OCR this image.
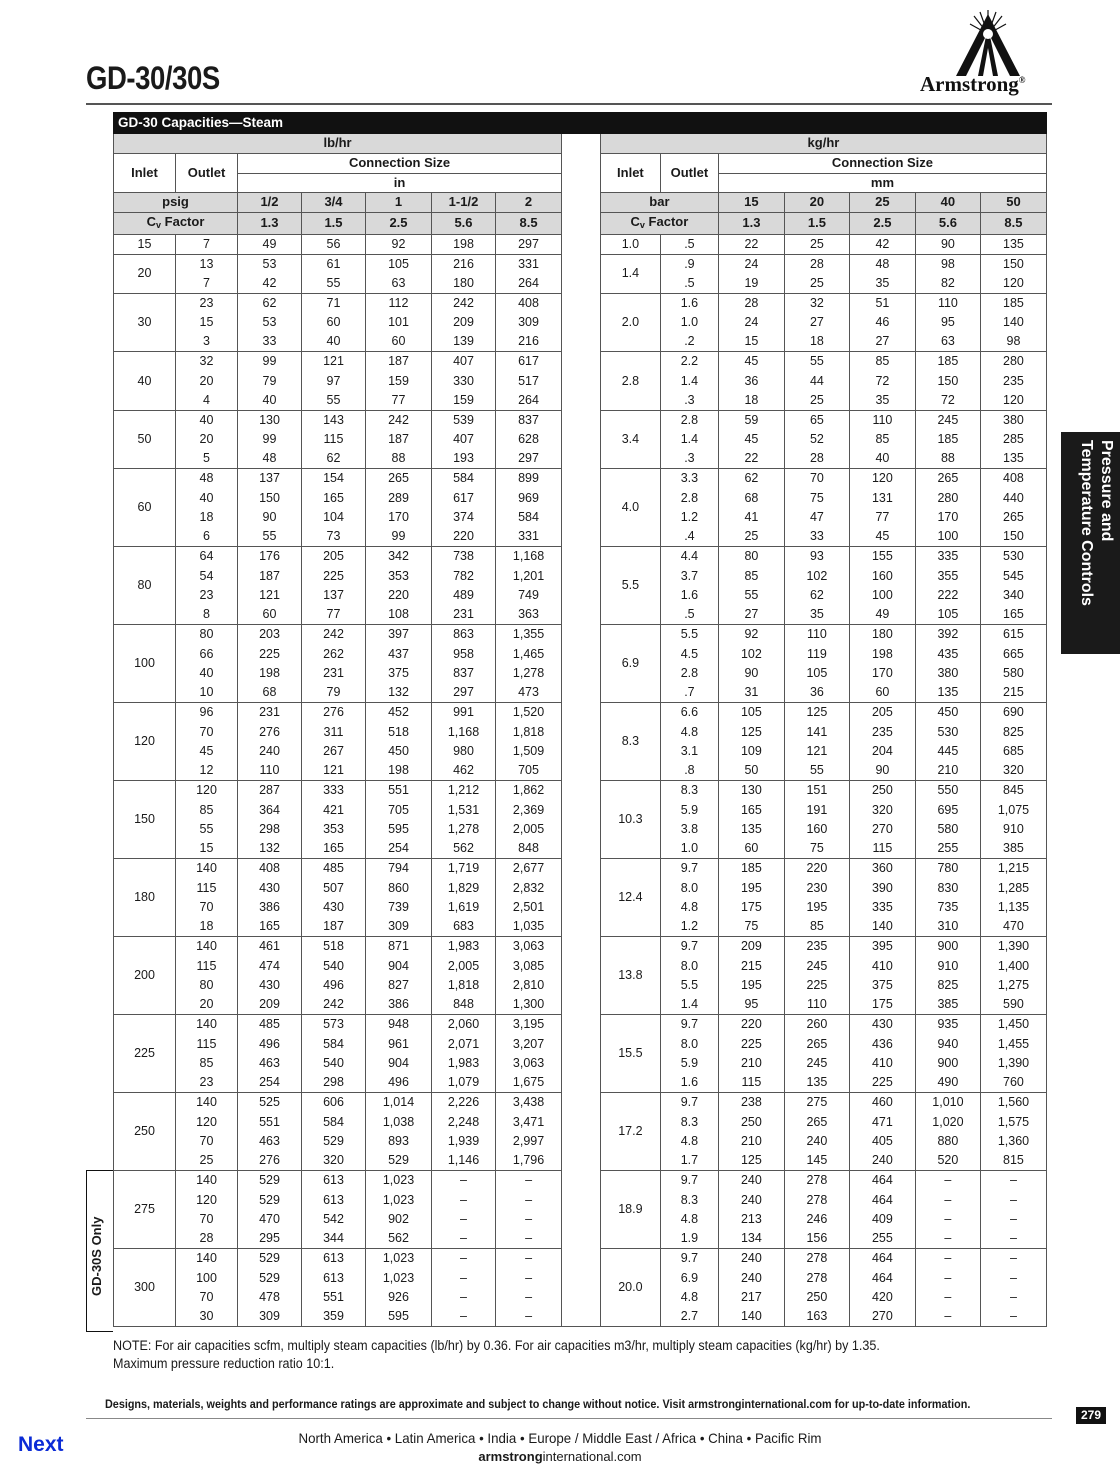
GD-30/30S	Armstrong®
Pressure and
Temperature Controls
GD-30 Capacities—Steam
lb/hr						
Inlet	Outlet	Connection Size				
		in				
psig		1/2	3/4	1	1-1/2	2
$C_v$ Factor		1.3	1.5	2.5	5.6	8.5
15	7	49	56	92	198	297
20	13	53	61	105	216	331
	7	42	55	63	180	264
30	23	62	71	112	242	408
	15	53	60	101	209	309
	3	33	40	60	139	216
40	32	99	121	187	407	617
	20	79	97	159	330	517
	4	40	55	77	159	264
50	40	130	143	242	539	837
	20	99	115	187	407	628
	5	48	62	88	193	297
60	48	137	154	265	584	899
	40	150	165	289	617	969
	18	90	104	170	374	584
	6	55	73	99	220	331
80	64	176	205	342	738	1,168
	54	187	225	353	782	1,201
	23	121	137	220	489	749
	8	60	77	108	231	363
100	80	203	242	397	863	1,355
	66	225	262	437	958	1,465
	40	198	231	375	837	1,278
	10	68	79	132	297	473
120	96	231	276	452	991	1,520
	70	276	311	518	1,168	1,818
	45	240	267	450	980	1,509
	12	110	121	198	462	705
150	120	287	333	551	1,212	1,862
	85	364	421	705	1,531	2,369
	55	298	353	595	1,278	2,005
	15	132	165	254	562	848
180	140	408	485	794	1,719	2,677
	115	430	507	860	1,829	2,832
	70	386	430	739	1,619	2,501
	18	165	187	309	683	1,035
200	140	461	518	871	1,983	3,063
	115	474	540	904	2,005	3,085
	80	430	496	827	1,818	2,810
	20	209	242	386	848	1,300
225	140	485	573	948	2,060	3,195
	115	496	584	961	2,071	3,207
	85	463	540	904	1,983	3,063
	23	254	298	496	1,079	1,675
250	140	525	606	1,014	2,226	3,438
	120	551	584	1,038	2,248	3,471
	70	463	529	893	1,939	2,997
	25	276	320	529	1,146	1,796
275	140	529	613	1,023	–	–
	120	529	613	1,023	–	–
	70	470	542	902	–	–
	28	295	344	562	–	–
300	140	529	613	1,023	–	–
	100	529	613	1,023	–	–
	70	478	551	926	–	–
	30	309	359	595	–	–
kg/hr						
Inlet	Outlet	Connection Size				
		mm				
bar		15	20	25	40	50
$C_v$ Factor		1.3	1.5	2.5	5.6	8.5
1.0	.5	22	25	42	90	135
1.4	.9	24	28	48	98	150
	.5	19	25	35	82	120
2.0	1.6	28	32	51	110	185
	1.0	24	27	46	95	140
	.2	15	18	27	63	98
2.8	2.2	45	55	85	185	280
	1.4	36	44	72	150	235
	.3	18	25	35	72	120
3.4	2.8	59	65	110	245	380
	1.4	45	52	85	185	285
	.3	22	28	40	88	135
4.0	3.3	62	70	120	265	408
	2.8	68	75	131	280	440
	1.2	41	47	77	170	265
	.4	25	33	45	100	150
5.5	4.4	80	93	155	335	530
	3.7	85	102	160	355	545
	1.6	55	62	100	222	340
	.5	27	35	49	105	165
6.9	5.5	92	110	180	392	615
	4.5	102	119	198	435	665
	2.8	90	105	170	380	580
	.7	31	36	60	135	215
8.3	6.6	105	125	205	450	690
	4.8	125	141	235	530	825
	3.1	109	121	204	445	685
	.8	50	55	90	210	320
10.3	8.3	130	151	250	550	845
	5.9	165	191	320	695	1,075
	3.8	135	160	270	580	910
	1.0	60	75	115	255	385
12.4	9.7	185	220	360	780	1,215
	8.0	195	230	390	830	1,285
	4.8	175	195	335	735	1,135
	1.2	75	85	140	310	470
13.8	9.7	209	235	395	900	1,390
	8.0	215	245	410	910	1,400
	5.5	195	225	375	825	1,275
	1.4	95	110	175	385	590
15.5	9.7	220	260	430	935	1,450
	8.0	225	265	436	940	1,455
	5.9	210	245	410	900	1,390
	1.6	115	135	225	490	760
17.2	9.7	238	275	460	1,010	1,560
	8.3	250	265	471	1,020	1,575
	4.8	210	240	405	880	1,360
	1.7	125	145	240	520	815
18.9	9.7	240	278	464	–	–
	8.3	240	278	464	–	–
	4.8	213	246	409	–	–
	1.9	134	156	255	–	–
20.0	9.7	240	278	464	–	–
	6.9	240	278	464	–	–
	4.8	217	250	420	–	–
	2.7	140	163	270	–	–
GD-30S Only
NOTE: For air capacities scfm, multiply steam capacities (lb/hr) by 0.36. For air capacities m3/hr, multiply steam capacities (kg/hr) by 1.35.
Maximum pressure reduction ratio 10:1.
Designs, materials, weights and performance ratings are approximate and subject to change without notice. Visit armstronginternational.com for up-to-date information.
279
Next	North America • Latin America • India • Europe / Middle East / Africa • China • Pacific Rim
armstronginternational.com
